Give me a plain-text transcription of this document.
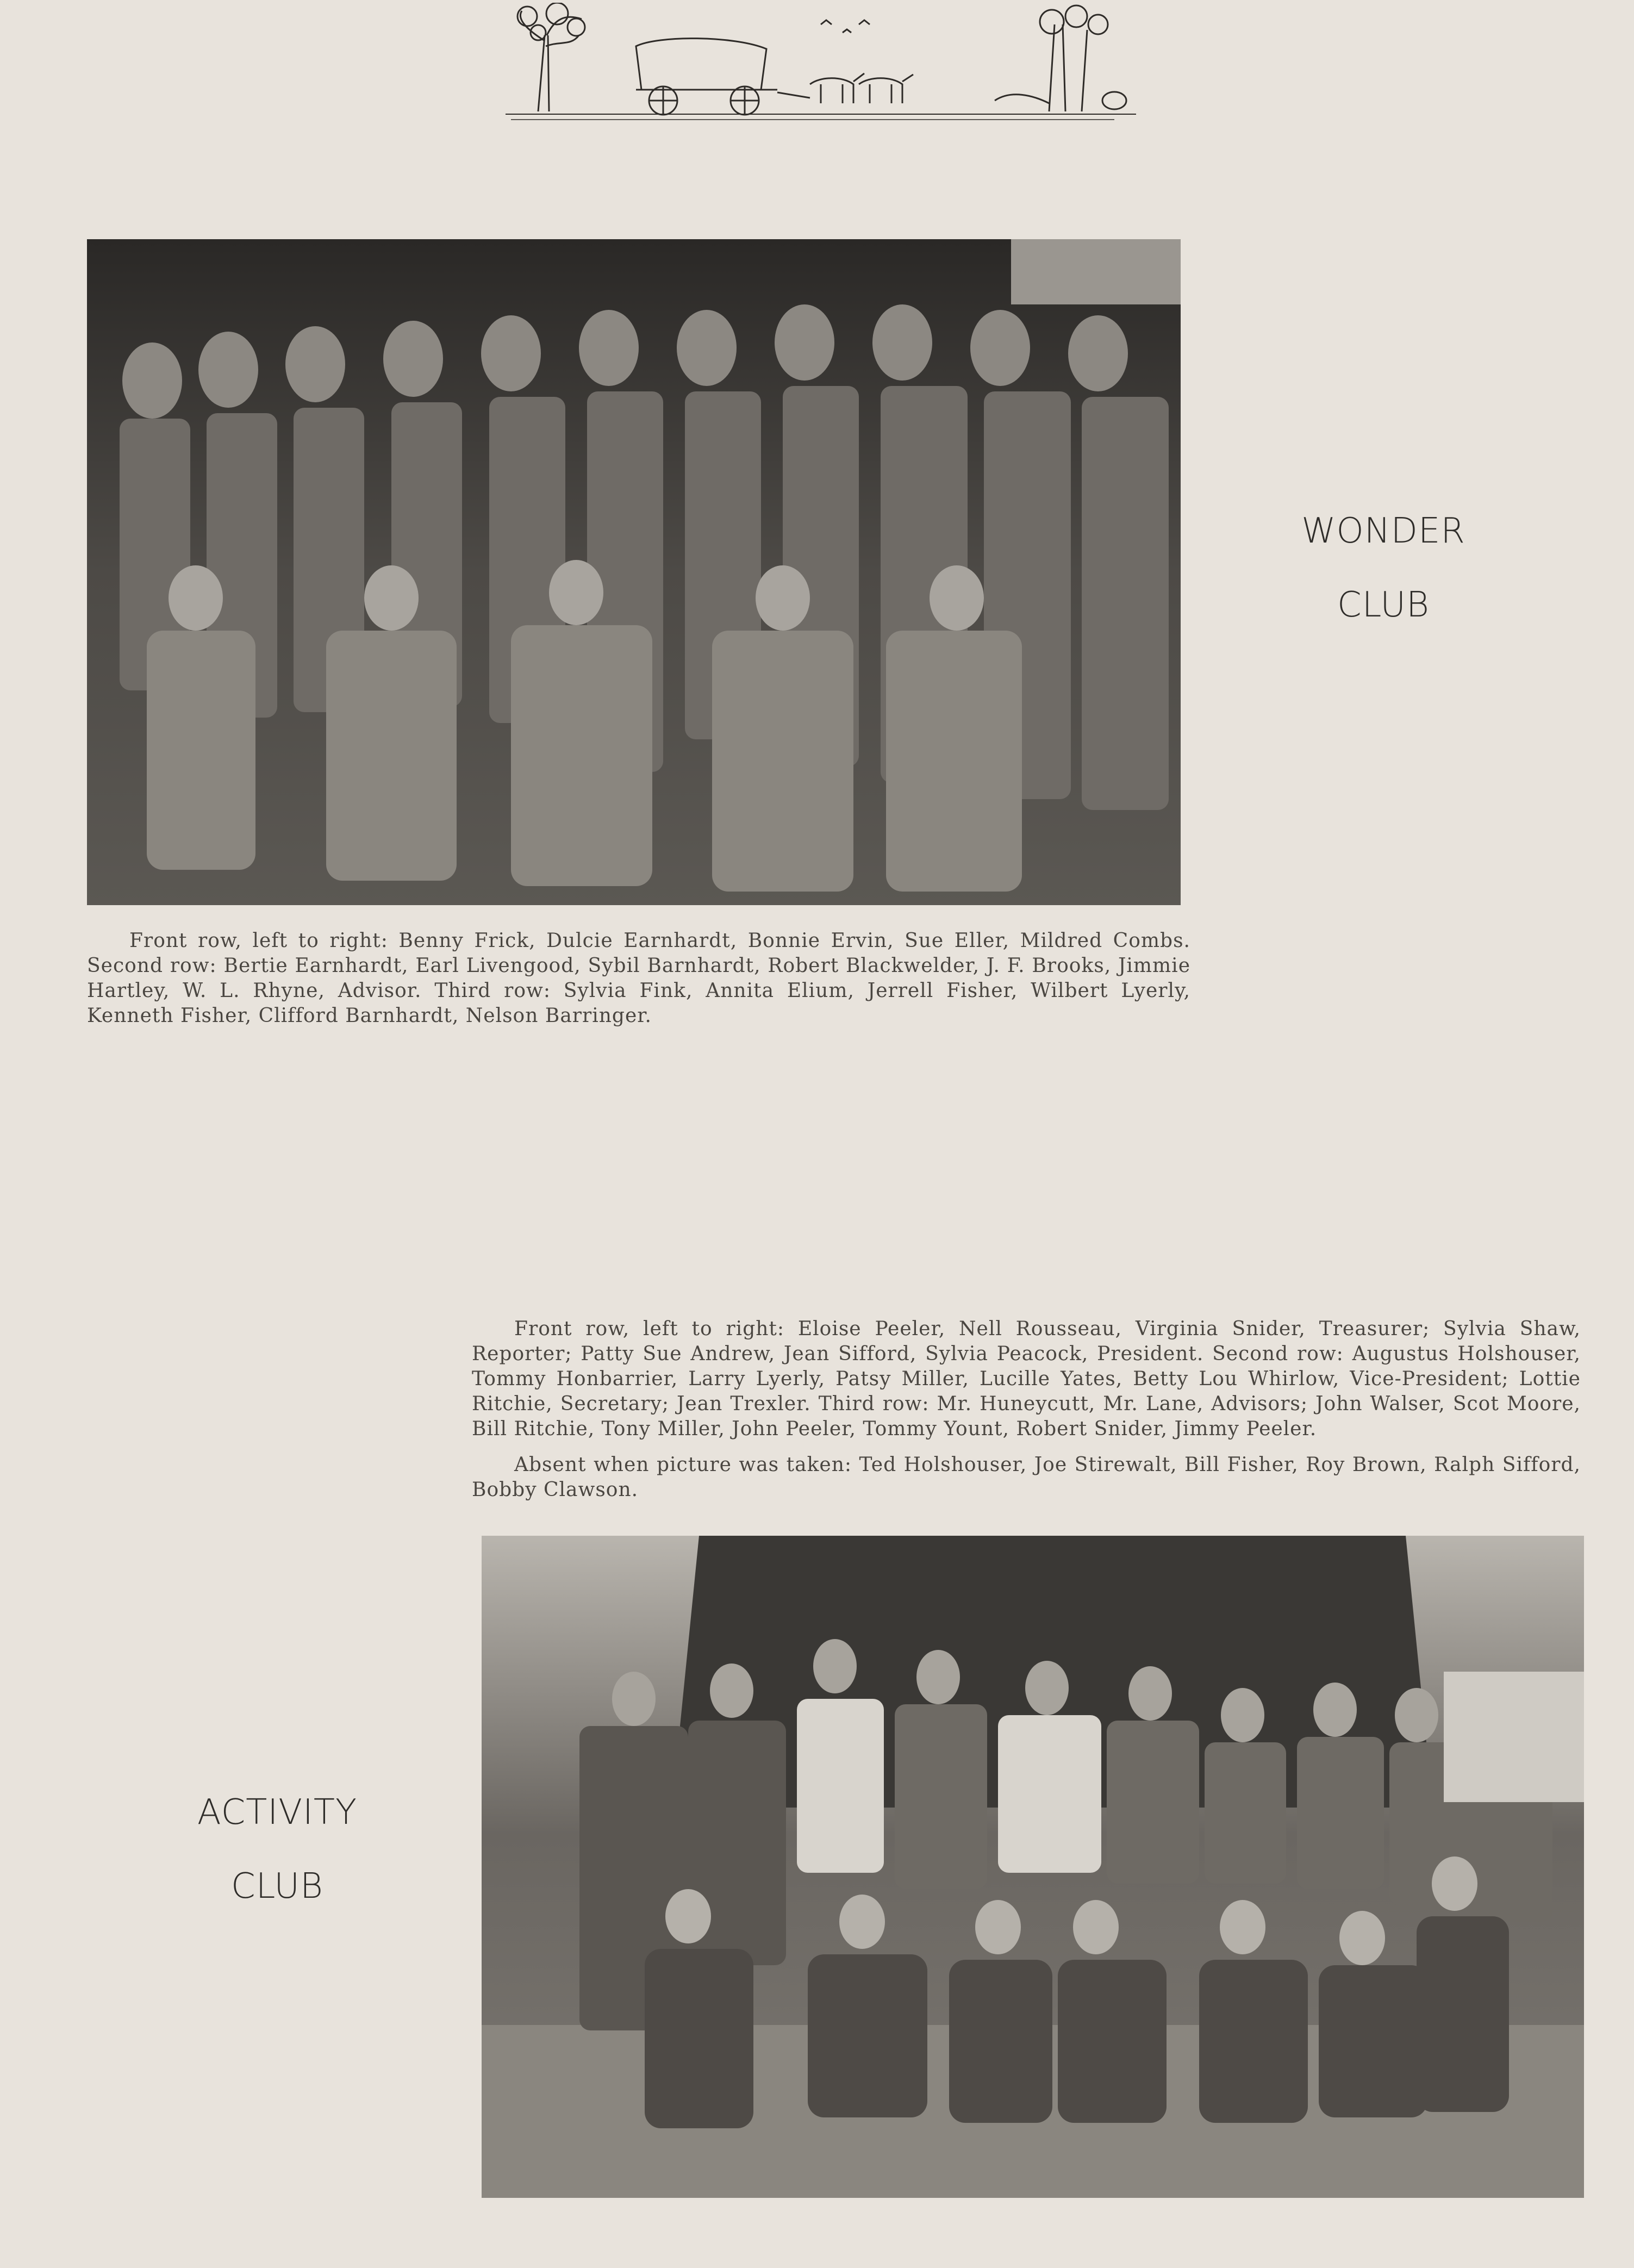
WONDER
CLUB

Front row, left to right: Benny Frick, Dulcie Earnhardt, Bonnie Ervin, Sue Eller, Mildred Combs. Second row: Bertie Earnhardt, Earl Livengood, Sybil Barnhardt, Robert Blackwelder, J. F. Brooks, Jimmie Hartley, W. L. Rhyne, Advisor. Third row: Sylvia Fink, Annita Elium, Jerrell Fisher, Wilbert Lyerly, Kenneth Fisher, Clifford Barnhardt, Nelson Barringer.

Front row, left to right: Eloise Peeler, Nell Rousseau, Virginia Snider, Treasurer; Sylvia Shaw, Reporter; Patty Sue Andrew, Jean Sifford, Sylvia Peacock, President. Second row: Augustus Holshouser, Tommy Honbarrier, Larry Lyerly, Patsy Miller, Lucille Yates, Betty Lou Whirlow, Vice-President; Lottie Ritchie, Secretary; Jean Trexler. Third row: Mr. Huneycutt, Mr. Lane, Advisors; John Walser, Scot Moore, Bill Ritchie, Tony Miller, John Peeler, Tommy Yount, Robert Snider, Jimmy Peeler.

Absent when picture was taken: Ted Holshouser, Joe Stirewalt, Bill Fisher, Roy Brown, Ralph Sifford, Bobby Clawson.

ACTIVITY
CLUB
